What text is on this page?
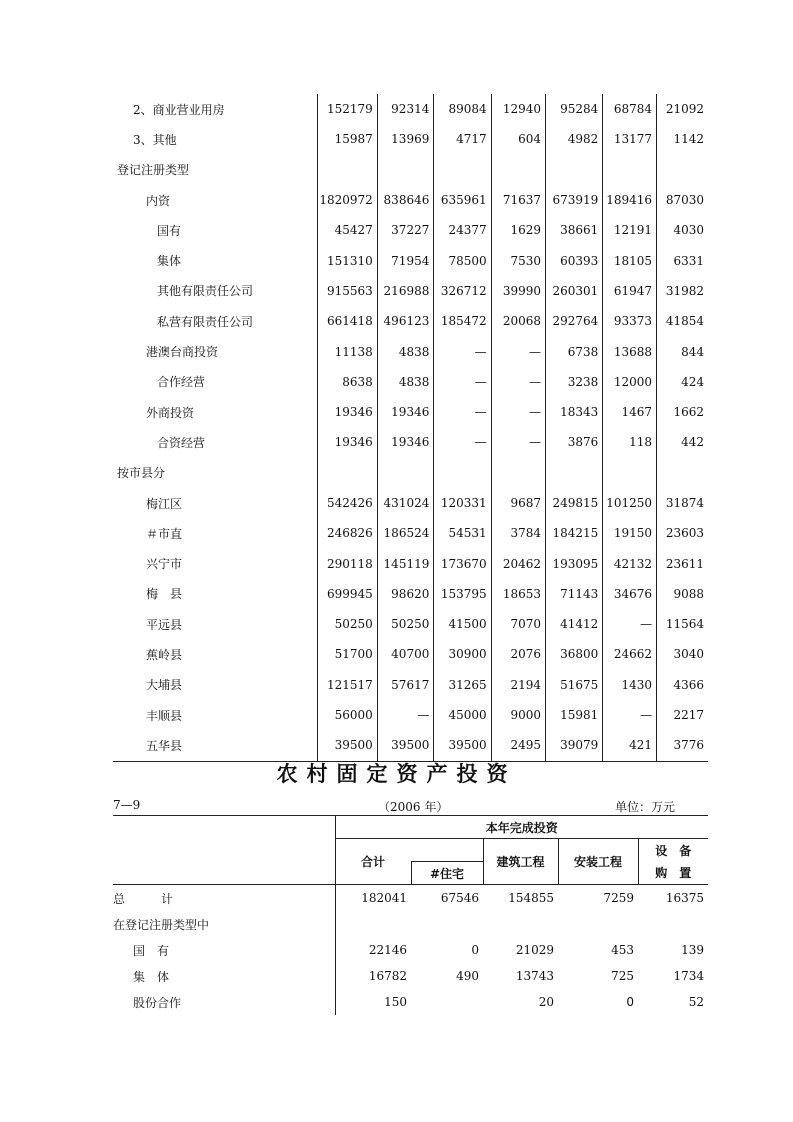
2、商业营业用房	152179	92314	89084	12940	95284	68784	21092
3、其他	15987	13969	4717	604	4982	13177	1142
登记注册类型							
内资	1820972	838646	635961	71637	673919	189416	87030
国有	45427	37227	24377	1629	38661	12191	4030
集体	151310	71954	78500	7530	60393	18105	6331
其他有限责任公司	915563	216988	326712	39990	260301	61947	31982
私营有限责任公司	661418	496123	185472	20068	292764	93373	41854
港澳台商投资	11138	4838	—	—	6738	13688	844
合作经营	8638	4838	—	—	3238	12000	424
外商投资	19346	19346	—	—	18343	1467	1662
合资经营	19346	19346	—	—	3876	118	442
按市县分							
梅江区	542426	431024	120331	9687	249815	101250	31874
＃市直	246826	186524	54531	3784	184215	19150	23603
兴宁市	290118	145119	173670	20462	193095	42132	23611
梅　县	699945	98620	153795	18653	71143	34676	9088
平远县	50250	50250	41500	7070	41412	—	11564
蕉岭县	51700	40700	30900	2076	36800	24662	3040
大埔县	121517	57617	31265	2194	51675	1430	4366
丰顺县	56000	—	45000	9000	15981	—	2217
五华县	39500	39500	39500	2495	39079	421	3776
农村固定资产投资
7—9	（2006 年）	单位：万元
	本年完成投资				
	合计		建筑工程	安装工程	设　备
		#住宅			购　置
总　　　计	182041	67546	154855	7259	16375
在登记注册类型中					
国　有	22146	0	21029	453	139
集　体	16782	490	13743	725	1734
股份合作	150		20	0	52
